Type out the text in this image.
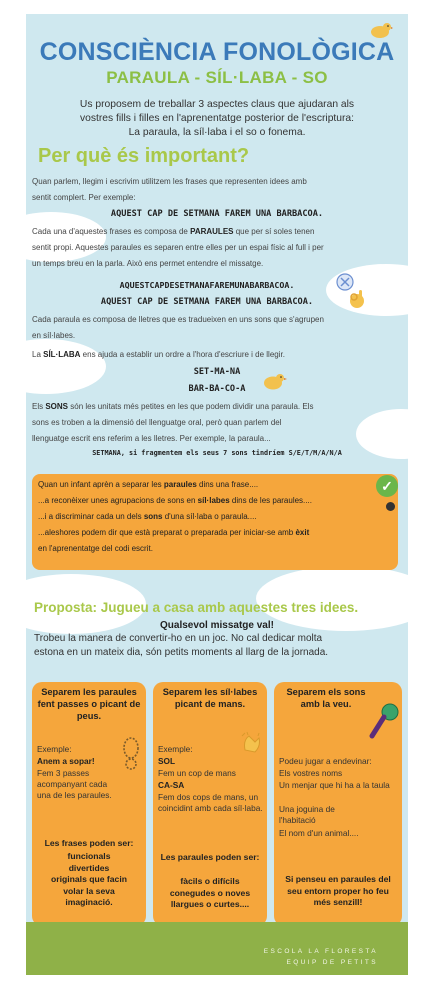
CONSCIÈNCIA FONOLÒGICA
PARAULA - SÍL·LABA - SO
Us proposem de treballar 3 aspectes claus que ajudaran als
vostres fills i filles en l'aprenentatge posterior de l'escriptura:
La paraula, la síl·laba i el so o fonema.
Per què és important?
Quan parlem, llegim i escrivim utilitzem les frases que representen idees amb
sentit complert. Per exemple:
AQUEST CAP DE SETMANA FAREM UNA BARBACOA.
Cada una d'aquestes frases es composa de PARAULES que per sí soles tenen
sentit propi. Aquestes paraules es separen entre elles per un espai físic al full i per
un temps breu en la parla. Això ens permet entendre el missatge.
AQUESTCAPDESETMANAFAREMUNABARBACOA.
AQUEST CAP DE SETMANA FAREM UNA BARBACOA.
Cada paraula es composa de lletres que es tradueixen en uns sons que s'agrupen
en síl·labes.
La SÍL·LABA ens ajuda a establir un ordre a l'hora d'escriure i de llegir.
SET-MA-NA
BAR-BA-CO-A
Els SONS són les unitats més petites en les que podem dividir una paraula. Els
sons es troben a la dimensió del llenguatge oral, però quan parlem del
llenguatge escrit ens referim a les lletres. Per exemple, la paraula...
SETMANA, si fragmentem els seus 7 sons tindríem S/E/T/M/A/N/A
Quan un infant aprèn a separar les paraules dins una frase....
...a reconèixer unes agrupacions de sons en síl·labes dins de les paraules....
...i a discriminar cada un dels sons d'una síl·laba o paraula....
...aleshores podem dir que està preparat o preparada per iniciar-se amb èxit
en l'aprenentatge del codi escrit.
✓
Proposta: Jugueu a casa amb aquestes tres idees.
Qualsevol missatge val!
Trobeu la manera de convertir-ho en un joc. No cal dedicar molta
estona en un mateix dia, són petits moments al llarg de la jornada.
Separem les paraules fent passes o picant de peus.
Exemple:
Anem a sopar!
Fem 3 passes acompanyant cada una de les paraules.
Les frases poden ser:
funcionals divertides originals que facin volar la seva imaginació.
Separem les síl·labes picant de mans.
Exemple:
SOL
Fem un cop de mans
CA-SA
Fem dos cops de mans, un coincidint amb cada síl·laba.
Les paraules poden ser:
fàcils o difícils conegudes o noves llargues o curtes....
Separem els sons amb la veu.
Podeu jugar a endevinar:
Els vostres noms
Un menjar que hi ha a la taula
Una joguina de l'habitació
El nom d'un animal....
Si penseu en paraules del seu entorn proper ho feu més senzill!
ESCOLA LA FLORESTA
EQUIP DE PETITS
